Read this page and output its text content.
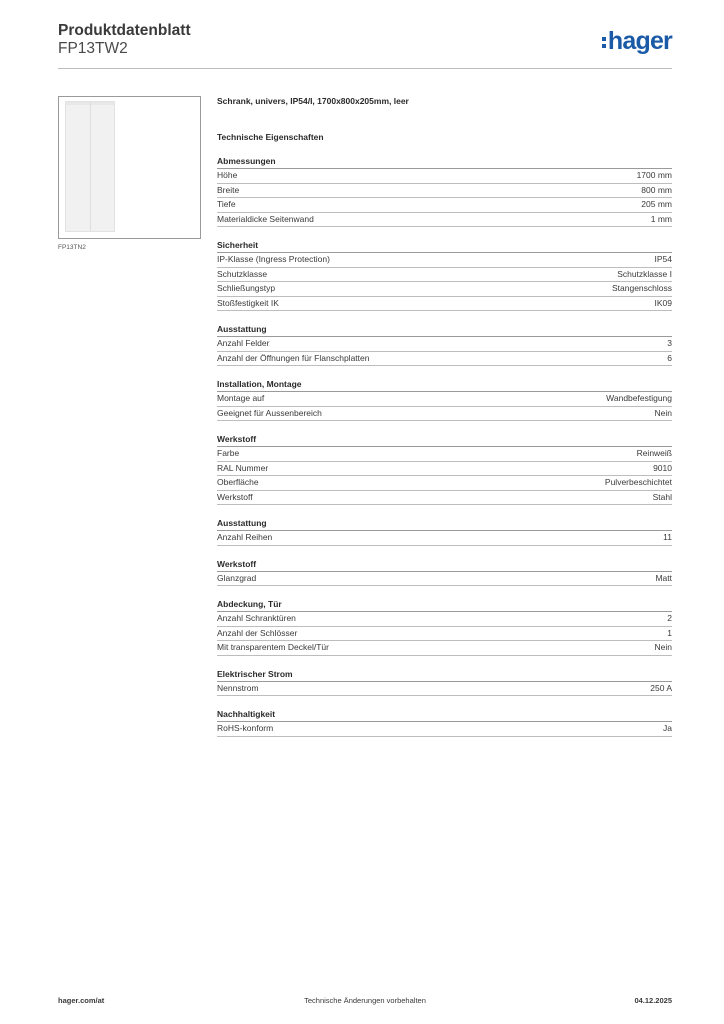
Produktdatenblatt
FP13TW2	hager
FP13TN2
Schrank, univers, IP54/I, 1700x800x205mm, leer
Technische Eigenschaften
Abmessungen
Höhe	1700 mm
Breite	800 mm
Tiefe	205 mm
Materialdicke Seitenwand	1 mm
Sicherheit
IP-Klasse (Ingress Protection)	IP54
Schutzklasse	Schutzklasse I
Schließungstyp	Stangenschloss
Stoßfestigkeit IK	IK09
Ausstattung
Anzahl Felder	3
Anzahl der Öffnungen für Flanschplatten	6
Installation, Montage
Montage auf	Wandbefestigung
Geeignet für Aussenbereich	Nein
Werkstoff
Farbe	Reinweiß
RAL Nummer	9010
Oberfläche	Pulverbeschichtet
Werkstoff	Stahl
Ausstattung
Anzahl Reihen	11
Werkstoff
Glanzgrad	Matt
Abdeckung, Tür
Anzahl Schranktüren	2
Anzahl der Schlösser	1
Mit transparentem Deckel/Tür	Nein
Elektrischer Strom
Nennstrom	250 A
Nachhaltigkeit
RoHS-konform	Ja
hager.com/at	Technische Änderungen vorbehalten	04.12.2025
